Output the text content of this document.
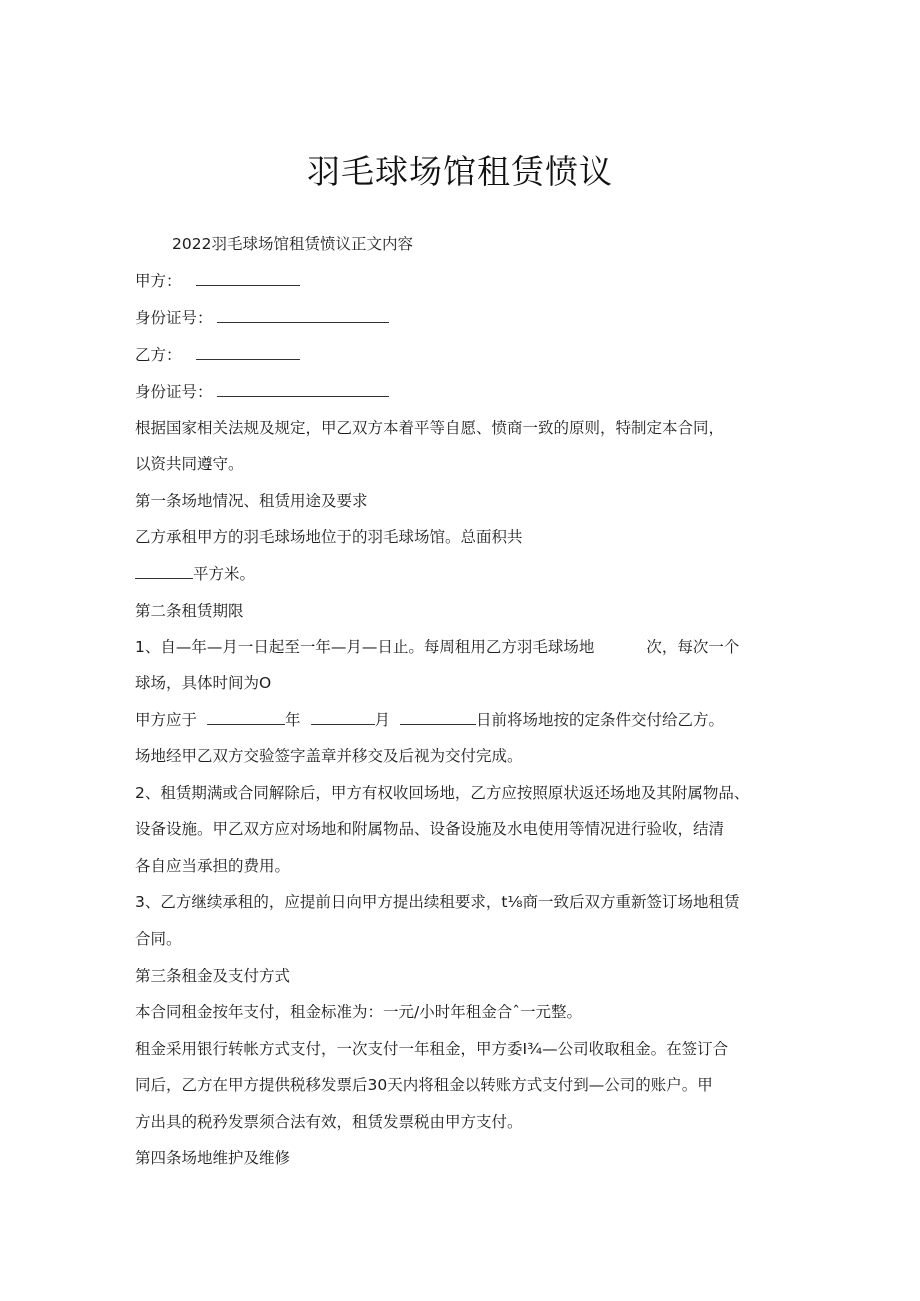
羽毛球场馆租赁愤议
2022羽毛球场馆租赁愤议正文内容
甲方：
身份证号：
乙方：
身份证号：
根据国家相关法规及规定，甲乙双方本着平等自愿、愤商一致的原则，特制定本合同，
以资共同遵守。
第一条场地情况、租赁用途及要求
乙方承租甲方的羽毛球场地位于的羽毛球场馆。总面积共
平方米。
第二条租赁期限
1、自—年—月一日起至一年—月—日止。每周租用乙方羽毛球场地	次，每次一个
球场，具体时间为O
甲方应于	年	月	日前将场地按的定条件交付给乙方。
场地经甲乙双方交验签字盖章并移交及后视为交付完成。
2、租赁期满或合同解除后，甲方有权收回场地，乙方应按照原状返还场地及其附属物品、
设备设施。甲乙双方应对场地和附属物品、设备设施及水电使用等情况进行验收，结清
各自应当承担的费用。
3、乙方继续承租的，应提前日向甲方提出续租要求，t⅛商一致后双方重新签订场地租赁
合同。
第三条租金及支付方式
本合同租金按年支付，租金标准为：一元/小时年租金合ˆ一元整。
租金采用银行转帐方式支付，一次支付一年租金，甲方委I¾—公司收取租金。在签订合
同后，乙方在甲方提供税移发票后30天内将租金以转账方式支付到—公司的账户。甲
方出具的税矜发票须合法有效，租赁发票税由甲方支付。
第四条场地维护及维修
